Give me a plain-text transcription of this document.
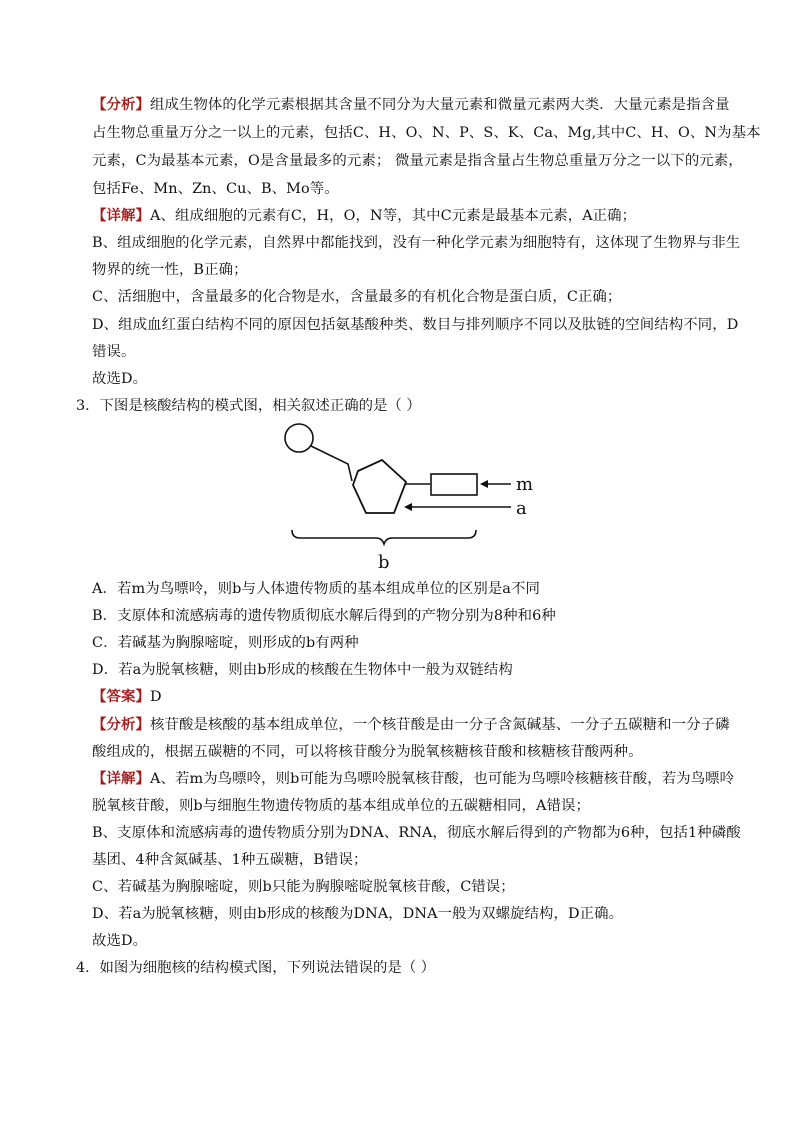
【分析】组成生物体的化学元素根据其含量不同分为大量元素和微量元素两大类．大量元素是指含量
占生物总重量万分之一以上的元素，包括C、H、O、N、P、S、K、Ca、Mg,其中C、H、O、N为基本
元素，C为最基本元素，O是含量最多的元素； 微量元素是指含量占生物总重量万分之一以下的元素，
包括Fe、Mn、Zn、Cu、B、Mo等。
【详解】A、组成细胞的元素有C，H，O，N等，其中C元素是最基本元素，A正确；
B、组成细胞的化学元素，自然界中都能找到，没有一种化学元素为细胞特有，这体现了生物界与非生
物界的统一性，B正确；
C、活细胞中，含量最多的化合物是水，含量最多的有机化合物是蛋白质，C正确；
D、组成血红蛋白结构不同的原因包括氨基酸种类、数目与排列顺序不同以及肽链的空间结构不同，D
错误。
故选D。
3．下图是核酸结构的模式图，相关叙述正确的是（ ）
m
a
b
A．若m为鸟嘌呤，则b与人体遗传物质的基本组成单位的区别是a不同
B．支原体和流感病毒的遗传物质彻底水解后得到的产物分别为8种和6种
C．若碱基为胸腺嘧啶，则形成的b有两种
D．若a为脱氧核糖，则由b形成的核酸在生物体中一般为双链结构
【答案】D
【分析】核苷酸是核酸的基本组成单位，一个核苷酸是由一分子含氮碱基、一分子五碳糖和一分子磷
酸组成的，根据五碳糖的不同，可以将核苷酸分为脱氧核糖核苷酸和核糖核苷酸两种。
【详解】A、若m为鸟嘌呤，则b可能为鸟嘌呤脱氧核苷酸，也可能为鸟嘌呤核糖核苷酸，若为鸟嘌呤
脱氧核苷酸，则b与细胞生物遗传物质的基本组成单位的五碳糖相同，A错误；
B、支原体和流感病毒的遗传物质分别为DNA、RNA，彻底水解后得到的产物都为6种，包括1种磷酸
基团、4种含氮碱基、1种五碳糖，B错误；
C、若碱基为胸腺嘧啶，则b只能为胸腺嘧啶脱氧核苷酸，C错误；
D、若a为脱氧核糖，则由b形成的核酸为DNA，DNA一般为双螺旋结构，D正确。
故选D。
4．如图为细胞核的结构模式图，下列说法错误的是（ ）
